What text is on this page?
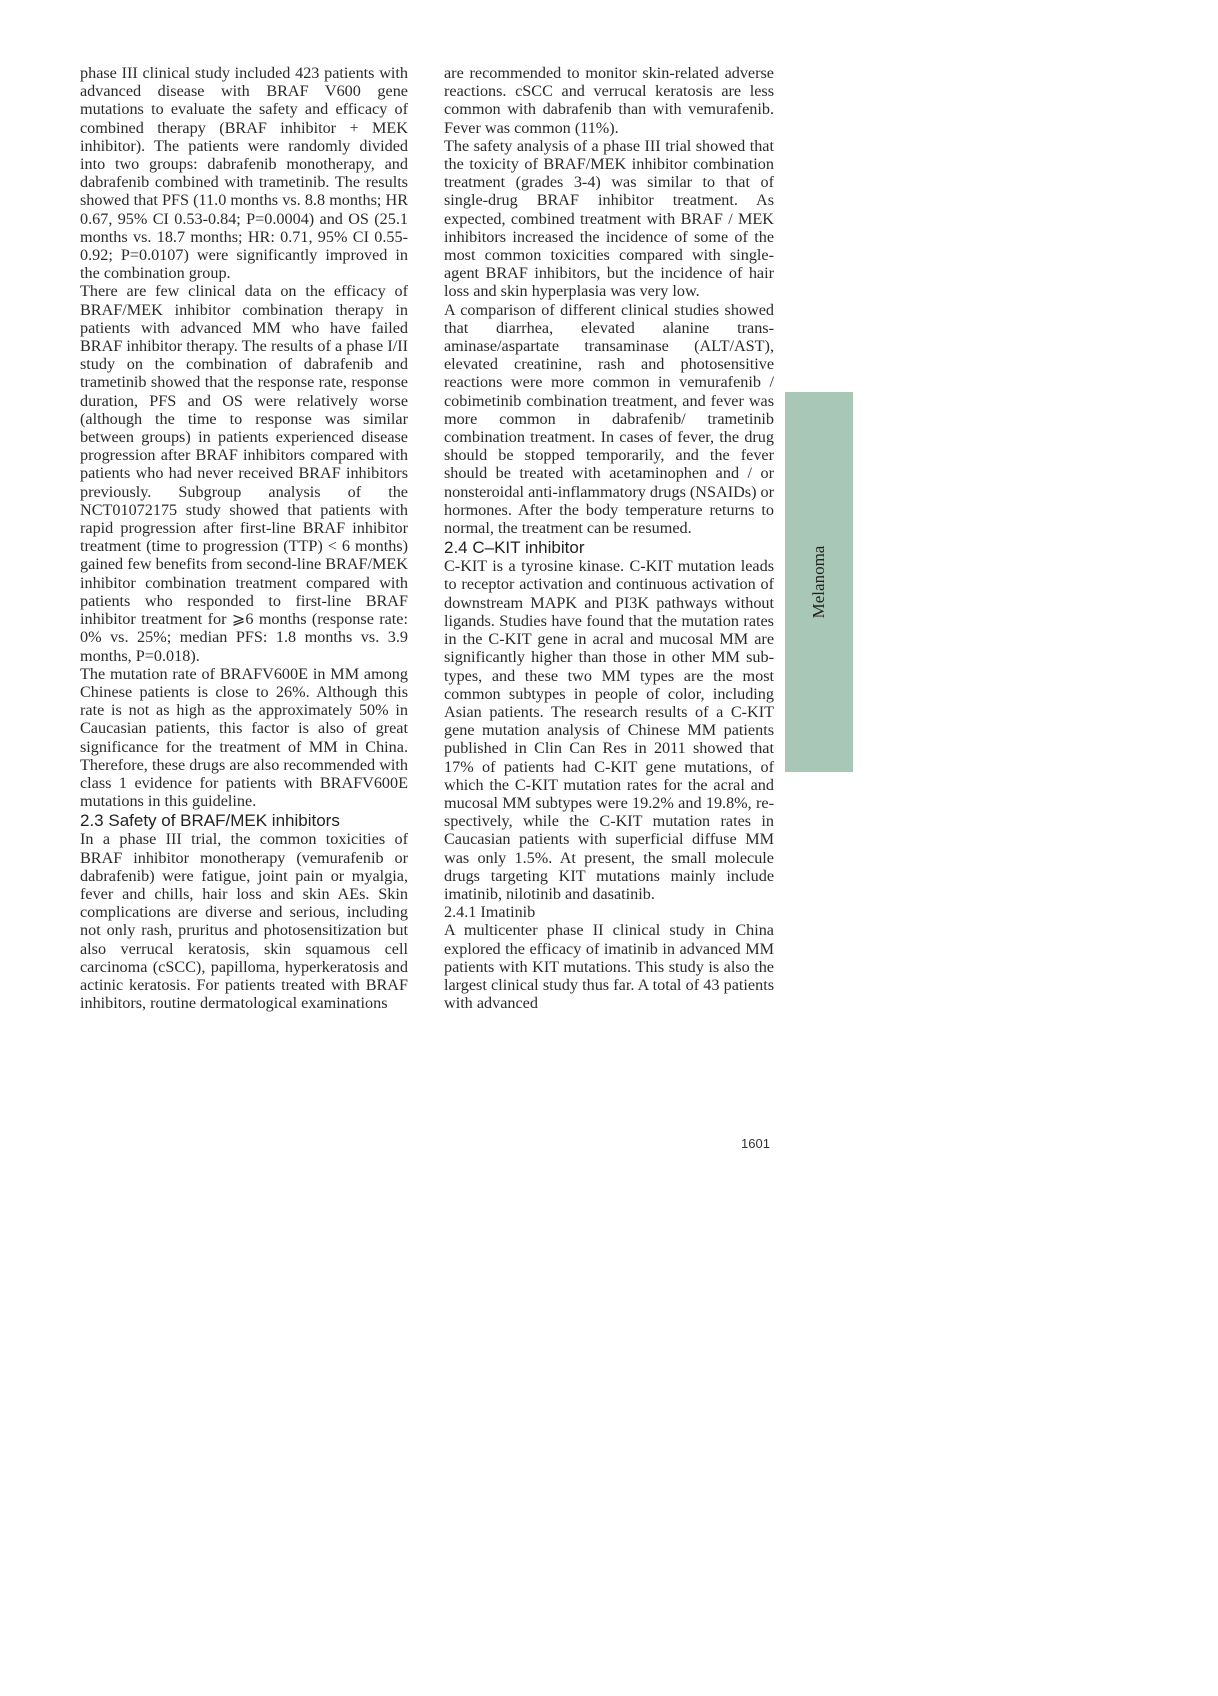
phase III clinical study included 423 patients with advanced disease with BRAF V600 gene mutations to evaluate the safety and efficacy of combined therapy (BRAF inhibitor + MEK inhibitor). The patients were randomly divided into two groups: dabrafenib monotherapy, and dabrafenib combined with trametinib. The results showed that PFS (11.0 months vs. 8.8 months; HR 0.67, 95% CI 0.53-0.84; P=0.0004) and OS (25.1 months vs. 18.7 months; HR: 0.71, 95% CI 0.55-0.92; P=0.0107) were significantly improved in the combination group.

There are few clinical data on the efficacy of BRAF/MEK inhibitor combination therapy in patients with advanced MM who have failed BRAF inhibitor therapy. The results of a phase I/II study on the combination of dabrafenib and trametinib showed that the response rate, response duration, PFS and OS were relatively worse (although the time to response was similar between groups) in patients experienced disease progression after BRAF inhibitors compared with patients who had never received BRAF inhibitors previously. Subgroup analysis of the NCT01072175 study showed that patients with rapid progression after first-line BRAF inhibitor treatment (time to progression (TTP) < 6 months) gained few benefits from second-line BRAF/MEK inhibitor combination treatment compared with patients who responded to first-line BRAF inhibitor treatment for ⩾6 months (response rate: 0% vs. 25%; median PFS: 1.8 months vs. 3.9 months, P=0.018).

The mutation rate of BRAFV600E in MM among Chinese patients is close to 26%. Although this rate is not as high as the approximately 50% in Caucasian patients, this factor is also of great significance for the treatment of MM in China. Therefore, these drugs are also recommended with class 1 evidence for patients with BRAFV600E mutations in this guideline.

2.3 Safety of BRAF/MEK inhibitors

In a phase III trial, the common toxicities of BRAF inhibitor monotherapy (vemurafenib or dabrafenib) were fatigue, joint pain or myalgia, fever and chills, hair loss and skin AEs. Skin complications are diverse and serious, including not only rash, pruritus and photosensitization but also verrucal keratosis, skin squamous cell carcinoma (cSCC), papilloma, hyperkeratosis and actinic keratosis. For patients treated with BRAF inhibitors, routine dermatological examinations

are recommended to monitor skin-related adverse reactions. cSCC and verrucal keratosis are less common with dabrafenib than with vemurafenib. Fever was common (11%).

The safety analysis of a phase III trial showed that the toxicity of BRAF/MEK inhibitor combination treatment (grades 3-4) was similar to that of single-drug BRAF inhibitor treatment. As expected, combined treatment with BRAF / MEK inhibitors increased the incidence of some of the most common toxicities compared with single-agent BRAF inhibitors, but the incidence of hair loss and skin hyperplasia was very low.

A comparison of different clinical studies showed that diarrhea, elevated alanine transaminase/aspartate transaminase (ALT/AST), elevated creatinine, rash and photosensitive reactions were more common in vemurafenib / cobimetinib combination treatment, and fever was more common in dabrafenib/ trametinib combination treatment. In cases of fever, the drug should be stopped temporarily, and the fever should be treated with acetaminophen and / or nonsteroidal anti-inflammatory drugs (NSAIDs) or hormones. After the body temperature returns to normal, the treatment can be resumed.

2.4 C–KIT inhibitor

C-KIT is a tyrosine kinase. C-KIT mutation leads to receptor activation and continuous activation of downstream MAPK and PI3K pathways without ligands. Studies have found that the mutation rates in the C-KIT gene in acral and mucosal MM are significantly higher than those in other MM subtypes, and these two MM types are the most common subtypes in people of color, including Asian patients. The research results of a C-KIT gene mutation analysis of Chinese MM patients published in Clin Can Res in 2011 showed that 17% of patients had C-KIT gene mutations, of which the C-KIT mutation rates for the acral and mucosal MM subtypes were 19.2% and 19.8%, respectively, while the C-KIT mutation rates in Caucasian patients with superficial diffuse MM was only 1.5%. At present, the small molecule drugs targeting KIT mutations mainly include imatinib, nilotinib and dasatinib.

2.4.1 Imatinib

A multicenter phase II clinical study in China explored the efficacy of imatinib in advanced MM patients with KIT mutations. This study is also the largest clinical study thus far. A total of 43 patients with advanced

Melanoma
1601
